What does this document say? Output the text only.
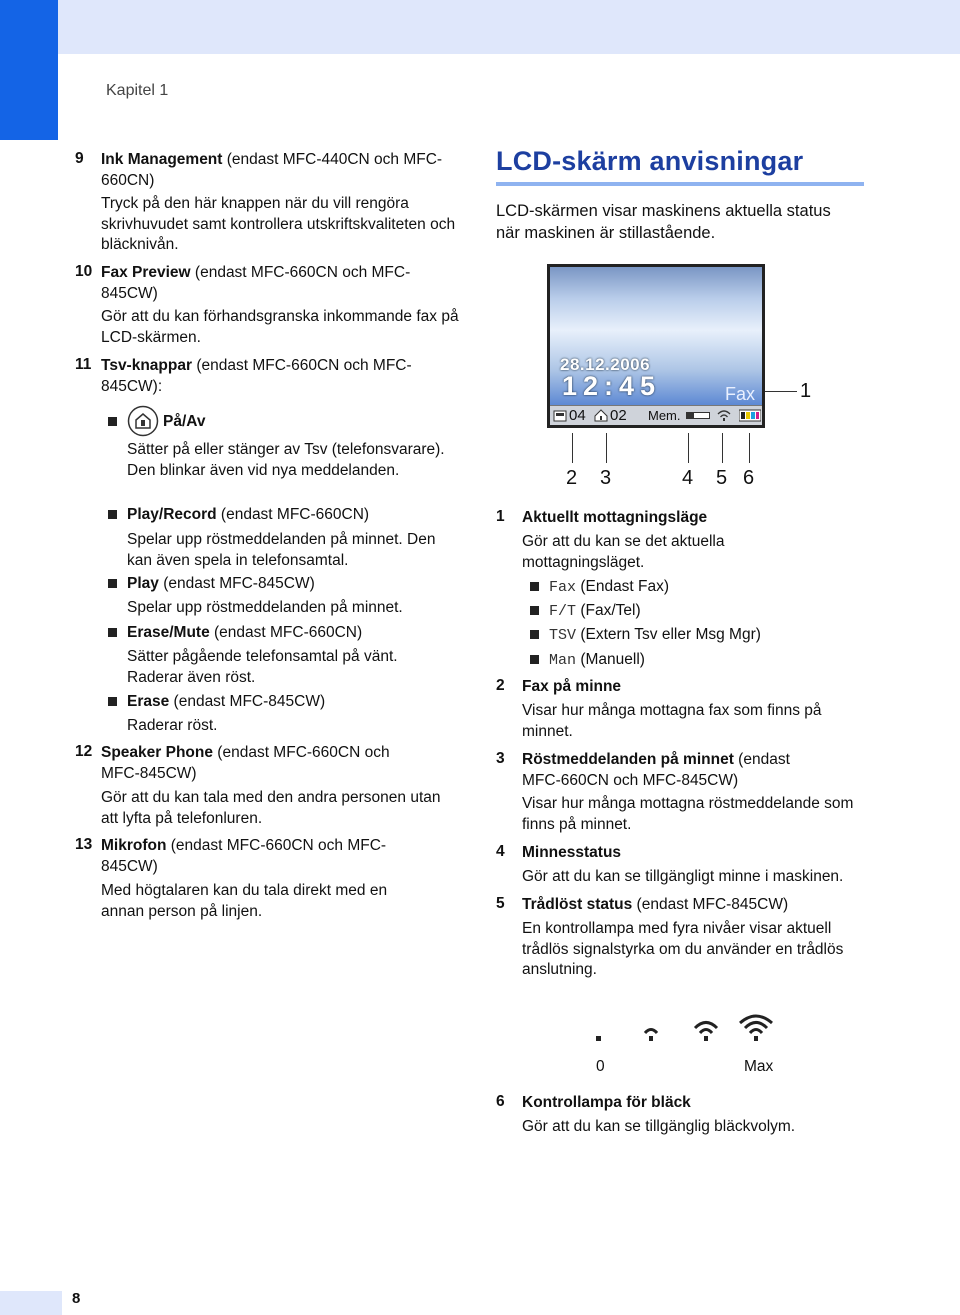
Kapitel 1
9 Ink Management (endast MFC-440CN och MFC-660CN)
Tryck på den här knappen när du vill rengöra skrivhuvudet samt kontrollera utskriftskvaliteten och bläcknivån.
10 Fax Preview (endast MFC-660CN och MFC-845CW)
Gör att du kan förhandsgranska inkommande fax på LCD-skärmen.
11 Tsv-knappar (endast MFC-660CN och MFC-845CW):
På/Av
Sätter på eller stänger av Tsv (telefonsvarare). Den blinkar även vid nya meddelanden.
Play/Record (endast MFC-660CN)
Spelar upp röstmeddelanden på minnet. Den kan även spela in telefonsamtal.
Play (endast MFC-845CW)
Spelar upp röstmeddelanden på minnet.
Erase/Mute (endast MFC-660CN)
Sätter pågående telefonsamtal på vänt. Raderar även röst.
Erase (endast MFC-845CW)
Raderar röst.
12 Speaker Phone (endast MFC-660CN och MFC-845CW)
Gör att du kan tala med den andra personen utan att lyfta på telefonluren.
13 Mikrofon (endast MFC-660CN och MFC-845CW)
Med högtalaren kan du tala direkt med en annan person på linjen.
LCD-skärm anvisningar
LCD-skärmen visar maskinens aktuella status när maskinen är stillastående.
28.12.2006
12:45	Fax
04 02 Mem.
1
2 3	4 5 6
1 Aktuellt mottagningsläge
Gör att du kan se det aktuella mottagningsläget.
Fax (Endast Fax)
F/T (Fax/Tel)
TSV (Extern Tsv eller Msg Mgr)
Man (Manuell)
2 Fax på minne
Visar hur många mottagna fax som finns på minnet.
3 Röstmeddelanden på minnet (endast MFC-660CN och MFC-845CW)
Visar hur många mottagna röstmeddelande som finns på minnet.
4 Minnesstatus
Gör att du kan se tillgängligt minne i maskinen.
5 Trådlöst status (endast MFC-845CW)
En kontrollampa med fyra nivåer visar aktuell trådlös signalstyrka om du använder en trådlös anslutning.
0	Max
6 Kontrollampa för bläck
Gör att du kan se tillgänglig bläckvolym.
8
